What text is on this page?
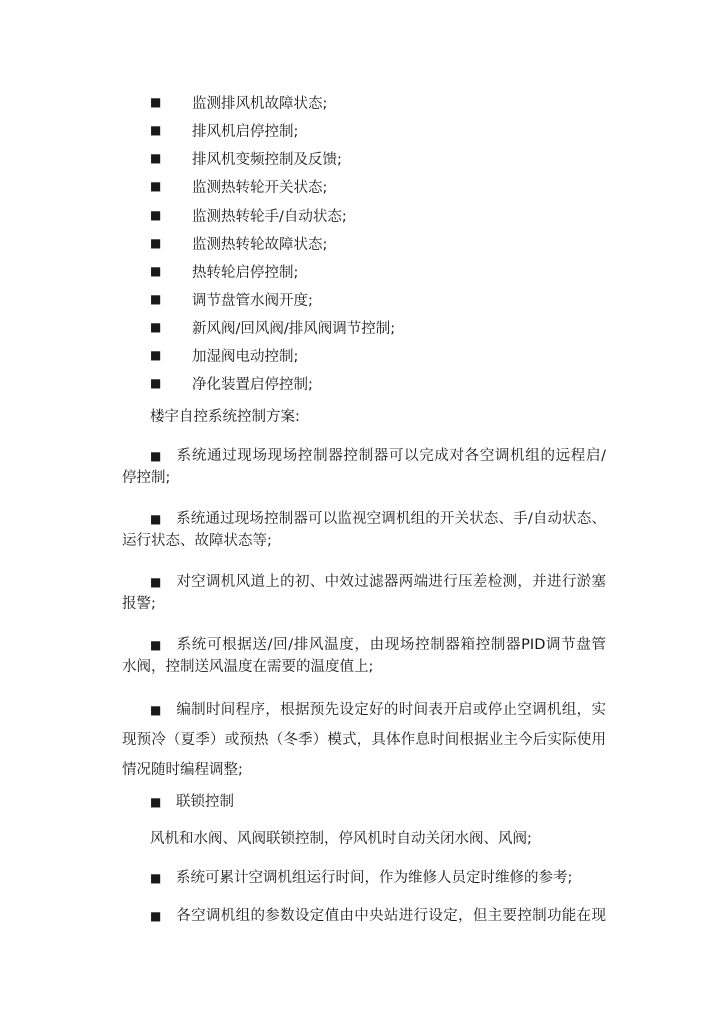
■	监测排风机故障状态;
■	排风机启停控制;
■	排风机变频控制及反馈;
■	监测热转轮开关状态;
■	监测热转轮手/自动状态;
■	监测热转轮故障状态;
■	热转轮启停控制;
■	调节盘管水阀开度;
■	新风阀/回风阀/排风阀调节控制;
■	加湿阀电动控制;
■	净化装置启停控制;
楼宇自控系统控制方案:
■ 系统通过现场现场控制器控制器可以完成对各空调机组的远程启/
停控制;
■ 系统通过现场控制器可以监视空调机组的开关状态、手/自动状态、
运行状态、故障状态等;
■ 对空调机风道上的初、中效过滤器两端进行压差检测，并进行淤塞
报警;
■ 系统可根据送/回/排风温度，由现场控制器箱控制器PID调节盘管
水阀，控制送风温度在需要的温度值上;
■ 编制时间程序，根据预先设定好的时间表开启或停止空调机组，实
现预冷（夏季）或预热（冬季）模式，具体作息时间根据业主今后实际使用
情况随时编程调整;
■ 联锁控制
风机和水阀、风阀联锁控制，停风机时自动关闭水阀、风阀;
■ 系统可累计空调机组运行时间，作为维修人员定时维修的参考;
■ 各空调机组的参数设定值由中央站进行设定，但主要控制功能在现
